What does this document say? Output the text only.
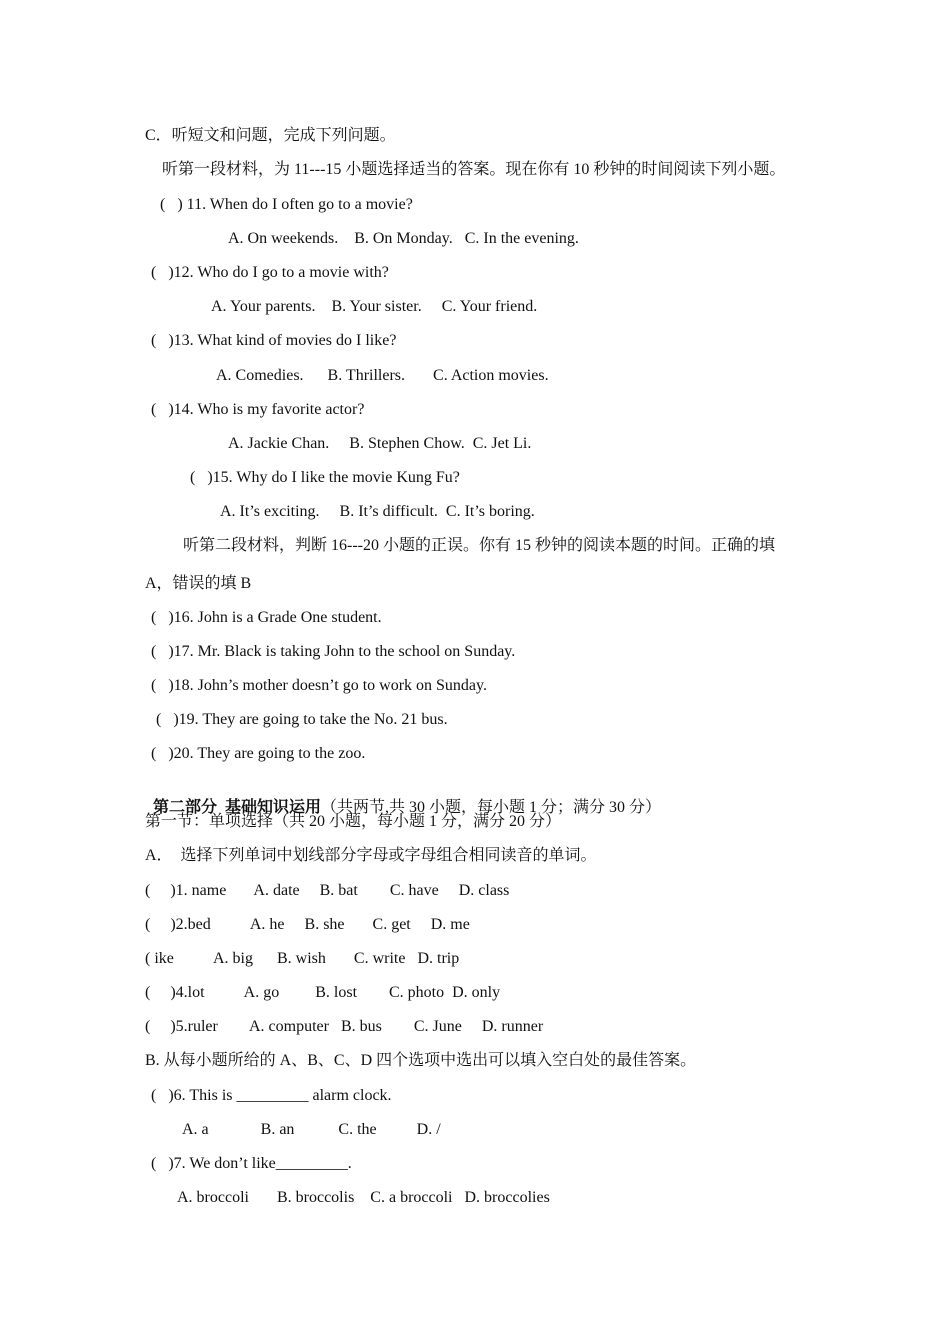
C．听短文和问题，完成下列问题。
听第一段材料，为 11---15 小题选择适当的答案。现在你有 10 秒钟的时间阅读下列小题。
(   ) 11. When do I often go to a movie?
A. On weekends.    B. On Monday.   C. In the evening.
(   )12. Who do I go to a movie with?
A. Your parents.    B. Your sister.     C. Your friend.
(   )13. What kind of movies do I like?
A. Comedies.      B. Thrillers.       C. Action movies.
(   )14. Who is my favorite actor?
A. Jackie Chan.     B. Stephen Chow.  C. Jet Li.
(   )15. Why do I like the movie Kung Fu?
A. It’s exciting.     B. It’s difficult.  C. It’s boring.
听第二段材料，判断 16---20 小题的正误。你有 15 秒钟的阅读本题的时间。正确的填
A，错误的填 B
(   )16. John is a Grade One student.
(   )17. Mr. Black is taking John to the school on Sunday.
(   )18. John’s mother doesn’t go to work on Sunday.
(   )19. They are going to take the No. 21 bus.
(   )20. They are going to the zoo.

第二部分  基础知识运用（共两节,共 30 小题，每小题 1 分；满分 30 分）

第一节：单项选择（共 20 小题，每小题 1 分，满分 20 分）
A．  选择下列单词中划线部分字母或字母组合相同读音的单词。
(     )1. name       A. date     B. bat        C. have     D. class
(     )2.bed          A. he     B. she       C. get     D. me
( ike          A. big      B. wish       C. write   D. trip
(     )4.lot          A. go         B. lost        C. photo  D. only
(     )5.ruler        A. computer   B. bus        C. June     D. runner
B. 从每小题所给的 A、B、C、D 四个选项中选出可以填入空白处的最佳答案。
(   )6. This is _________ alarm clock.
A. a             B. an           C. the          D. /
(   )7. We don’t like_________.
A. broccoli       B. broccolis    C. a broccoli   D. broccolies
